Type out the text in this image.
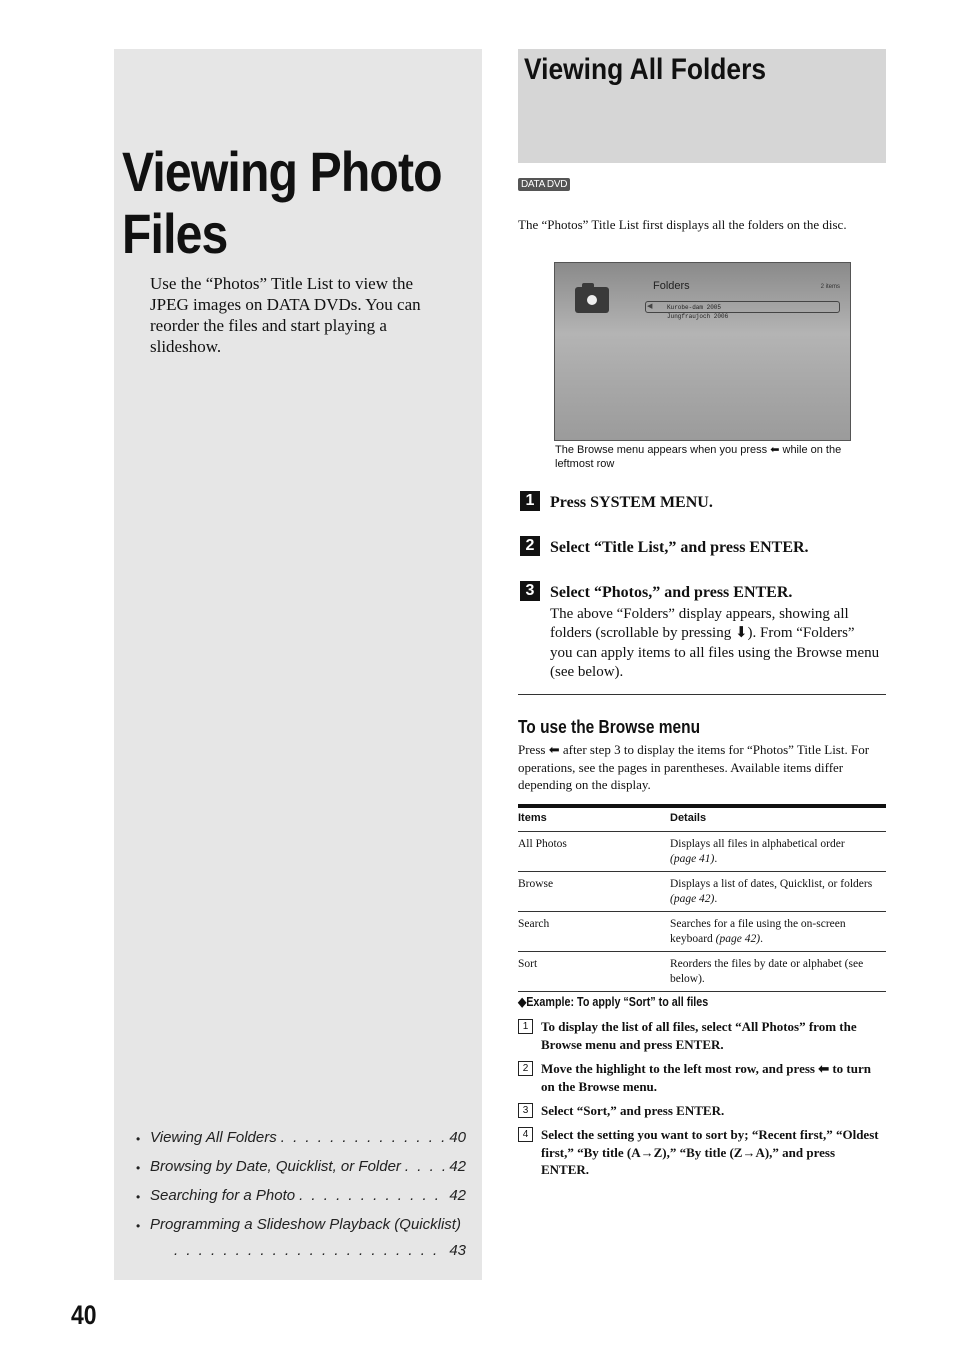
Viewing Photo
Files

Use the “Photos” Title List to view the JPEG images on DATA DVDs. You can reorder the files and start playing a slideshow.

• Viewing All Folders . . .	40
• Browsing by Date, Quicklist, or Folder . . .	42
• Searching for a Photo . . .	42
• Programming a Slideshow Playback (Quicklist)
. . .
43
40
Viewing All Folders
DATA DVD
The “Photos” Title List first displays all the folders on the disc.
Folders	2 items
◀ Kurobe-dam 2005
Jungfraujoch 2006
The Browse menu appears when you press ⬅ while on the leftmost row
1 Press SYSTEM MENU.
2 Select “Title List,” and press ENTER.
3 Select “Photos,” and press ENTER.
The above “Folders” display appears, showing all folders (scrollable by pressing ⬇). From “Folders” you can apply items to all files using the Browse menu (see below).
To use the Browse menu
Press ⬅ after step 3 to display the items for “Photos” Title List. For operations, see the pages in parentheses. Available items differ depending on the display.
Items	Details
All Photos	Displays all files in alphabetical order
(page 41).
Browse	Displays a list of dates, Quicklist, or folders (page 42).
Search	Searches for a file using the on-screen keyboard (page 42).
Sort	Reorders the files by date or alphabet (see below).
◆Example: To apply “Sort” to all files
1 To display the list of all files, select “All Photos” from the Browse menu and press ENTER.
2 Move the highlight to the left most row, and press ⬅ to turn on the Browse menu.
3 Select “Sort,” and press ENTER.
4 Select the setting you want to sort by; “Recent first,” “Oldest first,” “By title (A→Z),” “By title (Z→A),” and press ENTER.
